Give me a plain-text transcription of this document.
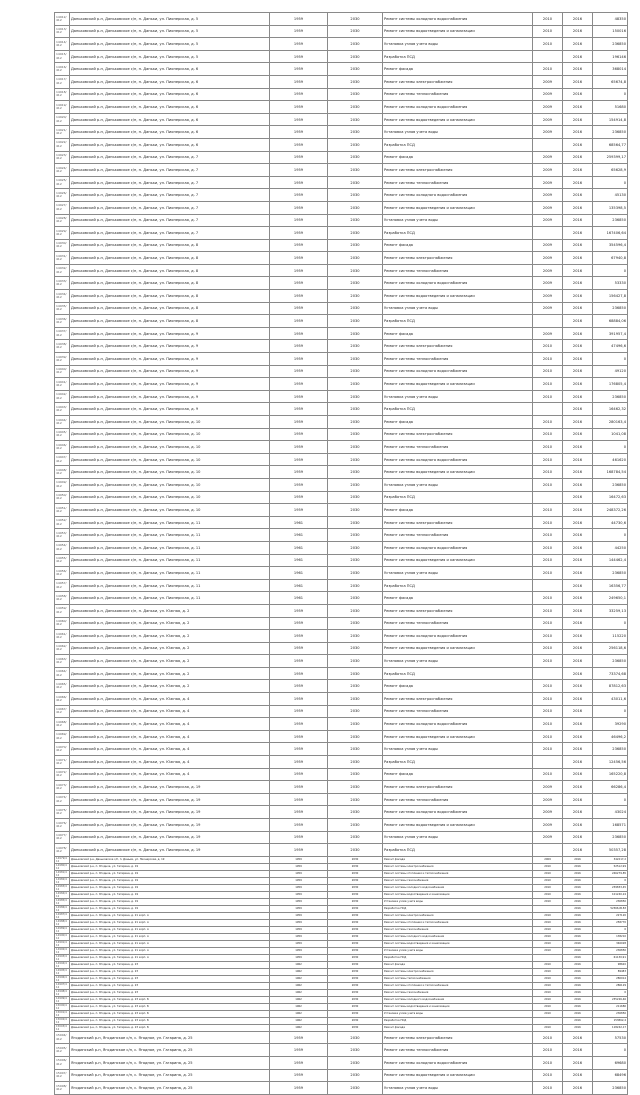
14912/412	Даньковский р-н, Даньковское с/п, п. Даньки, ул. Пионерская, д. 5	1959	2030	Ремонт системы холодного водоснабжения	2010	2016	48350
14913/412	Даньковский р-н, Даньковское с/п, п. Даньки, ул. Пионерская, д. 5	1959	2030	Ремонт системы водоотведения и канализации	2010	2016	150016
14914/412	Даньковский р-н, Даньковское с/п, п. Даньки, ул. Пионерская, д. 5	1959	2030	Установка узлов учета воды	2010	2016	236850
14915/412	Даньковский р-н, Даньковское с/п, п. Даньки, ул. Пионерская, д. 5	1959	2030	Разработка ПСД		2016	196146
14916/412	Даньковский р-н, Даньковское с/п, п. Даньки, ул. Пионерская, д. 6	1959	2030	Ремонт фасада	2010	2016	368014
14917/412	Даньковский р-н, Даньковское с/п, п. Даньки, ул. Пионерская, д. 6	1959	2030	Ремонт системы электроснабжения	2009	2016	65674,8
14918/412	Даньковский р-н, Даньковское с/п, п. Даньки, ул. Пионерская, д. 6	1959	2030	Ремонт системы теплоснабжения	2009	2016	0
14919/412	Даньковский р-н, Даньковское с/п, п. Даньки, ул. Пионерская, д. 6	1959	2030	Ремонт системы холодного водоснабжения	2009	2016	51680
14920/412	Даньковский р-н, Даньковское с/п, п. Даньки, ул. Пионерская, д. 6	1959	2030	Ремонт системы водоотведения и канализации	2009	2016	154914,8
14921/412	Даньковский р-н, Даньковское с/п, п. Даньки, ул. Пионерская, д. 6	1959	2030	Установка узлов учета воды	2009	2016	236850
14922/412	Даньковский р-н, Даньковское с/п, п. Даньки, ул. Пионерская, д. 6	1959	2030	Разработка ПСД		2016	68564,77
14923/412	Даньковский р-н, Даньковское с/п, п. Даньки, ул. Пионерская, д. 7	1959	2030	Ремонт фасада	2009	2016	259399,17
14924/412	Даньковский р-н, Даньковское с/п, п. Даньки, ул. Пионерская, д. 7	1959	2030	Ремонт системы электроснабжения	2009	2016	65628,9
14925/412	Даньковский р-н, Даньковское с/п, п. Даньки, ул. Пионерская, д. 7	1959	2030	Ремонт системы теплоснабжения	2009	2016	0
14926/412	Даньковский р-н, Даньковское с/п, п. Даньки, ул. Пионерская, д. 7	1959	2030	Ремонт системы холодного водоснабжения	2009	2016	45130
14927/412	Даньковский р-н, Даньковское с/п, п. Даньки, ул. Пионерская, д. 7	1959	2030	Ремонт системы водоотведения и канализации	2009	2016	135398,5
14928/412	Даньковский р-н, Даньковское с/п, п. Даньки, ул. Пионерская, д. 7	1959	2030	Установка узлов учета воды	2009	2016	236850
14929/412	Даньковский р-н, Даньковское с/п, п. Даньки, ул. Пионерская, д. 7	1959	2030	Разработка ПСД		2016	167406,64
14930/412	Даньковский р-н, Даньковское с/п, п. Даньки, ул. Пионерская, д. 8	1959	2030	Ремонт фасада	2009	2016	354596,4
14931/412	Даньковский р-н, Даньковское с/п, п. Даньки, ул. Пионерская, д. 8	1959	2030	Ремонт системы электроснабжения	2009	2016	67940,8
14932/412	Даньковский р-н, Даньковское с/п, п. Даньки, ул. Пионерская, д. 8	1959	2030	Ремонт системы теплоснабжения	2009	2016	0
14933/412	Даньковский р-н, Даньковское с/п, п. Даньки, ул. Пионерская, д. 8	1959	2030	Ремонт системы холодного водоснабжения	2009	2016	53330
14934/412	Даньковский р-н, Даньковское с/п, п. Даньки, ул. Пионерская, д. 8	1959	2030	Ремонт системы водоотведения и канализации	2009	2016	156427,8
14935/412	Даньковский р-н, Даньковское с/п, п. Даньки, ул. Пионерская, д. 8	1959	2030	Установка узлов учета воды	2009	2016	236850
14936/412	Даньковский р-н, Даньковское с/п, п. Даньки, ул. Пионерская, д. 8	1959	2030	Разработка ПСД		2016	68884,06
14937/412	Даньковский р-н, Даньковское с/п, п. Даньки, ул. Пионерская, д. 9	1959	2030	Ремонт фасада	2009	2016	391957,4
14938/412	Даньковский р-н, Даньковское с/п, п. Даньки, ул. Пионерская, д. 9	1959	2030	Ремонт системы электроснабжения	2010	2016	47496,6
14939/412	Даньковский р-н, Даньковское с/п, п. Даньки, ул. Пионерская, д. 9	1959	2030	Ремонт системы теплоснабжения	2010	2016	0
14940/412	Даньковский р-н, Даньковское с/п, п. Даньки, ул. Пионерская, д. 9	1959	2030	Ремонт системы холодного водоснабжения	2010	2016	49120
14941/412	Даньковский р-н, Даньковское с/п, п. Даньки, ул. Пионерская, д. 9	1959	2030	Ремонт системы водоотведения и канализации	2010	2016	176805,4
14942/412	Даньковский р-н, Даньковское с/п, п. Даньки, ул. Пионерская, д. 9	1959	2030	Установка узлов учета воды	2010	2016	236850
14943/412	Даньковский р-н, Даньковское с/п, п. Даньки, ул. Пионерская, д. 9	1959	2030	Разработка ПСД		2016	16462,32
14944/412	Даньковский р-н, Даньковское с/п, п. Даньки, ул. Пионерская, д. 10	1959	2030	Ремонт фасада	2010	2016	280163,4
14945/412	Даньковский р-н, Даньковское с/п, п. Даньки, ул. Пионерская, д. 10	1959	2030	Ремонт системы электроснабжения	2010	2016	1041,08
14946/412	Даньковский р-н, Даньковское с/п, п. Даньки, ул. Пионерская, д. 10	1959	2030	Ремонт системы теплоснабжения	2010	2016	0
14947/412	Даньковский р-н, Даньковское с/п, п. Даньки, ул. Пионерская, д. 10	1959	2030	Ремонт системы холодного водоснабжения	2010	2016	461620
14948/412	Даньковский р-н, Даньковское с/п, п. Даньки, ул. Пионерская, д. 10	1959	2030	Ремонт системы водоотведения и канализации	2010	2016	168784,54
14949/412	Даньковский р-н, Даньковское с/п, п. Даньки, ул. Пионерская, д. 10	1959	2030	Установка узлов учета воды	2010	2016	236850
14950/412	Даньковский р-н, Даньковское с/п, п. Даньки, ул. Пионерская, д. 10	1959	2030	Разработка ПСД		2016	16472,63
14951/412	Даньковский р-н, Даньковское с/п, п. Даньки, ул. Пионерская, д. 10	1959	2030	Ремонт фасада	2010	2016	248372,26
14952/412	Даньковский р-н, Даньковское с/п, п. Даньки, ул. Пионерская, д. 11	1961	2030	Ремонт системы электроснабжения	2010	2016	44730,6
14953/412	Даньковский р-н, Даньковское с/п, п. Даньки, ул. Пионерская, д. 11	1961	2030	Ремонт системы теплоснабжения	2010	2016	0
14954/412	Даньковский р-н, Даньковское с/п, п. Даньки, ул. Пионерская, д. 11	1961	2030	Ремонт системы холодного водоснабжения	2010	2016	44250
14955/412	Даньковский р-н, Даньковское с/п, п. Даньки, ул. Пионерская, д. 11	1961	2030	Ремонт системы водоотведения и канализации	2010	2016	144462,4
14956/412	Даньковский р-н, Даньковское с/п, п. Даньки, ул. Пионерская, д. 11	1961	2030	Установка узлов учета воды	2010	2016	236850
14957/412	Даньковский р-н, Даньковское с/п, п. Даньки, ул. Пионерская, д. 11	1961	2030	Разработка ПСД		2016	16356,77
14958/412	Даньковский р-н, Даньковское с/п, п. Даньки, ул. Пионерская, д. 11	1961	2030	Ремонт фасада	2010	2016	249650,1
14959/412	Даньковский р-н, Даньковское с/п, п. Даньки, ул. Южная, д. 2	1959	2030	Ремонт системы электроснабжения	2010	2016	33259,13
14960/412	Даньковский р-н, Даньковское с/п, п. Даньки, ул. Южная, д. 2	1959	2030	Ремонт системы теплоснабжения	2010	2016	0
14961/412	Даньковский р-н, Даньковское с/п, п. Даньки, ул. Южная, д. 2	1959	2030	Ремонт системы холодного водоснабжения	2010	2016	115220
14962/412	Даньковский р-н, Даньковское с/п, п. Даньки, ул. Южная, д. 2	1959	2030	Ремонт системы водоотведения и канализации	2010	2016	256118,6
14963/412	Даньковский р-н, Даньковское с/п, п. Даньки, ул. Южная, д. 2	1959	2030	Установка узлов учета воды	2010	2016	236850
14964/412	Даньковский р-н, Даньковское с/п, п. Даньки, ул. Южная, д. 2	1959	2030	Разработка ПСД		2016	73374,68
14965/412	Даньковский р-н, Даньковское с/п, п. Даньки, ул. Южная, д. 2	1959	2030	Ремонт фасада	2010	2016	87812,63
14966/412	Даньковский р-н, Даньковское с/п, п. Даньки, ул. Южная, д. 4	1959	2030	Ремонт системы электроснабжения	2010	2016	43011,6
14967/412	Даньковский р-н, Даньковское с/п, п. Даньки, ул. Южная, д. 4	1959	2030	Ремонт системы теплоснабжения	2010	2016	0
14968/412	Даньковский р-н, Даньковское с/п, п. Даньки, ул. Южная, д. 4	1959	2030	Ремонт системы холодного водоснабжения	2010	2016	39290
14969/412	Даньковский р-н, Даньковское с/п, п. Даньки, ул. Южная, д. 4	1959	2030	Ремонт системы водоотведения и канализации	2010	2016	46496,2
14970/412	Даньковский р-н, Даньковское с/п, п. Даньки, ул. Южная, д. 4	1959	2030	Установка узлов учета воды	2010	2016	236850
14971/412	Даньковский р-н, Даньковское с/п, п. Даньки, ул. Южная, д. 4	1959	2030	Разработка ПСД		2016	12456,56
14972/412	Даньковский р-н, Даньковское с/п, п. Даньки, ул. Южная, д. 4	1959	2030	Ремонт фасада	2010	2016	165220,8
14973/412	Даньковский р-н, Даньковское с/п, п. Даньки, ул. Пионерская, д. 19	1959	2030	Ремонт системы электроснабжения	2009	2016	66286,4
14974/412	Даньковский р-н, Даньковское с/п, п. Даньки, ул. Пионерская, д. 19	1959	2030	Ремонт системы теплоснабжения	2009	2016	0
14975/412	Даньковский р-н, Даньковское с/п, п. Даньки, ул. Пионерская, д. 19	1959	2030	Ремонт системы холодного водоснабжения	2009	2016	43024
14976/412	Даньковский р-н, Даньковское с/п, п. Даньки, ул. Пионерская, д. 19	1959	2030	Ремонт системы водоотведения и канализации	2009	2016	168571
14977/412	Даньковский р-н, Даньковское с/п, п. Даньки, ул. Пионерская, д. 19	1959	2030	Установка узлов учета воды	2009	2016	236850
14978/412	Даньковский р-н, Даньковское с/п, п. Даньки, ул. Пионерская, д. 19	1959	2030	Разработка ПСД		2016	50357,28
14979/412	Даньковский р-н, Даньковское с/п, п. Даньки, ул. Пионерская, д. 19	1959	2030	Ремонт фасада	2009	2016	342217,2
14980/412	Даньковский р-н, п. Ягодное, ул. Гагарина, д. 19	1959	2030	Ремонт системы электроснабжения	2010	2016	52512,99
14981/412	Даньковский р-н, п. Ягодное, ул. Гагарина, д. 19	1959	2030	Ремонт системы отопления и теплоснабжения	2010	2016	246279,85
14982/412	Даньковский р-н, п. Ягодное, ул. Гагарина, д. 19	1959	2030	Ремонт системы газоснабжения	2010	2016	0
14983/412	Даньковский р-н, п. Ягодное, ул. Гагарина, д. 19	1959	2030	Ремонт системы холодного водоснабжения	2010	2016	239833,45
14984/412	Даньковский р-н, п. Ягодное, ул. Гагарина, д. 19	1959	2030	Ремонт системы водоотведения и канализации	2010	2016	101240,24
14985/412	Даньковский р-н, п. Ягодное, ул. Гагарина, д. 19	1959	2030	Установка узлов учета воды	2010	2016	236850
14986/412	Даньковский р-н, п. Ягодное, ул. Гагарина, д. 19	1959	2030	Разработка ПСД		2016	52366,8183
14987/412	Даньковский р-н, п. Ягодное, ул. Гагарина, д. 21 корп. А	1959	2030	Ремонт системы электроснабжения	2010	2016	227120
14988/412	Даньковский р-н, п. Ягодное, ул. Гагарина, д. 21 корп. А	1959	2030	Ремонт системы отопления и теплоснабжения	2010	2016	258770
14989/412	Даньковский р-н, п. Ягодное, ул. Гагарина, д. 21 корп. А	1959	2030	Ремонт системы газоснабжения	2010	2016	0
14990/412	Даньковский р-н, п. Ягодное, ул. Гагарина, д. 21 корп. А	1959	2030	Ремонт системы холодного водоснабжения	2010	2016	138210
14991/412	Даньковский р-н, п. Ягодное, ул. Гагарина, д. 21 корп. А	1959	2030	Ремонт системы водоотведения и канализации	2010	2016	346028
14992/412	Даньковский р-н, п. Ягодное, ул. Гагарина, д. 21 корп. А	1959	2030	Установка узлов учета воды	2010	2016	236850
14993/412	Даньковский р-н, п. Ягодное, ул. Гагарина, д. 21 корп. А	1959	2030	Разработка ПСД		2016	61130,91
14994/412	Даньковский р-н, п. Ягодное, ул. Гагарина, д. 23	1962	2030	Ремонт фасада	2010	2016	98620
14995/412	Даньковский р-н, п. Ягодное, ул. Гагарина, д. 23	1962	2030	Ремонт системы электроснабжения	2010	2016	89483
14996/412	Даньковский р-н, п. Ягодное, ул. Гагарина, д. 23	1962	2030	Ремонт системы теплоснабжения	2010	2016	280914
14997/412	Даньковский р-н, п. Ягодное, ул. Гагарина, д. 23	1962	2030	Ремонт системы отопления и теплоснабжения	2010	2016	286129
14998/412	Даньковский р-н, п. Ягодное, ул. Гагарина, д. 23	1962	2030	Ремонт системы газоснабжения	2010	2016	0
14999/412	Даньковский р-н, п. Ягодное, ул. Гагарина, д. 23 корп. Б	1962	2030	Ремонт системы холодного водоснабжения	2010	2016	235226,46
15000/412	Даньковский р-н, п. Ягодное, ул. Гагарина, д. 23 корп. Б	1962	2030	Ремонт системы водоотведения и канализации	2010	2016	211680
15001/412	Даньковский р-н, п. Ягодное, ул. Гагарина, д. 23 корп. Б	1962	2030	Установка узлов учета воды	2010	2016	236850
15002/412	Даньковский р-н, п. Ягодное, ул. Гагарина, д. 23 корп. Б	1962	2030	Разработка ПСД		2016	153862,4
15003/412	Даньковский р-н, п. Ягодное, ул. Гагарина, д. 23 корп. Б	1962	2030	Ремонт фасада	2010	2016	118242,17
15004/412	Ягодинский р-н, Ягодинское с/п, с. Ягодное, ул. Гагарина, д. 25	1959	2030	Ремонт системы электроснабжения	2010	2016	57530
15005/412	Ягодинский р-н, Ягодинское с/п, с. Ягодное, ул. Гагарина, д. 25	1959	2030	Ремонт системы теплоснабжения	2010	2016	0
15006/412	Ягодинский р-н, Ягодинское с/п, с. Ягодное, ул. Гагарина, д. 25	1959	2030	Ремонт системы холодного водоснабжения	2010	2016	69680
15007/412	Ягодинский р-н, Ягодинское с/п, с. Ягодное, ул. Гагарина, д. 25	1959	2030	Ремонт системы водоотведения и канализации	2010	2016	68496
15008/412	Ягодинский р-н, Ягодинское с/п, с. Ягодное, ул. Гагарина, д. 25	1959	2030	Установка узлов учета воды	2010	2016	236850
